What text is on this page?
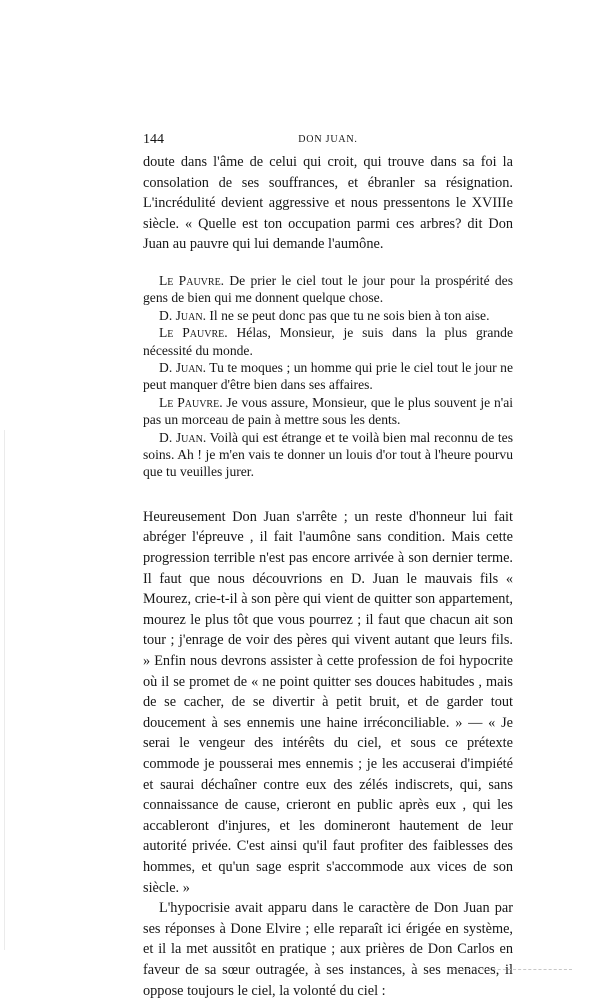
144	DON JUAN.

doute dans l'âme de celui qui croit, qui trouve dans sa foi la consolation de ses souffrances, et ébranler sa résignation. L'incrédulité devient aggressive et nous pressentons le XVIIIe siècle. « Quelle est ton occupation parmi ces arbres? dit Don Juan au pauvre qui lui demande l'aumône.

Le Pauvre. De prier le ciel tout le jour pour la prospérité des gens de bien qui me donnent quelque chose.

D. Juan. Il ne se peut donc pas que tu ne sois bien à ton aise.

Le Pauvre. Hélas, Monsieur, je suis dans la plus grande nécessité du monde.

D. Juan. Tu te moques ; un homme qui prie le ciel tout le jour ne peut manquer d'être bien dans ses affaires.

Le Pauvre. Je vous assure, Monsieur, que le plus souvent je n'ai pas un morceau de pain à mettre sous les dents.

D. Juan. Voilà qui est étrange et te voilà bien mal reconnu de tes soins. Ah ! je m'en vais te donner un louis d'or tout à l'heure pourvu que tu veuilles jurer.

Heureusement Don Juan s'arrête ; un reste d'honneur lui fait abréger l'épreuve , il fait l'aumône sans condition. Mais cette progression terrible n'est pas encore arrivée à son dernier terme. Il faut que nous découvrions en D. Juan le mauvais fils « Mourez, crie-t-il à son père qui vient de quitter son appartement, mourez le plus tôt que vous pourrez ; il faut que chacun ait son tour ; j'enrage de voir des pères qui vivent autant que leurs fils. » Enfin nous devrons assister à cette profession de foi hypocrite où il se promet de « ne point quitter ses douces habitudes , mais de se cacher, de se divertir à petit bruit, et de garder tout doucement à ses ennemis une haine irréconciliable. » — « Je serai le vengeur des intérêts du ciel, et sous ce prétexte commode je pousserai mes ennemis ; je les accuserai d'impiété et saurai déchaîner contre eux des zélés indiscrets, qui, sans connaissance de cause, crieront en public après eux , qui les accableront d'injures, et les domineront hautement de leur autorité privée. C'est ainsi qu'il faut profiter des faiblesses des hommes, et qu'un sage esprit s'accommode aux vices de son siècle. »

L'hypocrisie avait apparu dans le caractère de Don Juan par ses réponses à Done Elvire ; elle reparaît ici érigée en système, et il la met aussitôt en pratique ; aux prières de Don Carlos en faveur de sa sœur outragée, à ses instances, à ses menaces, il oppose toujours le ciel, la volonté du ciel :
